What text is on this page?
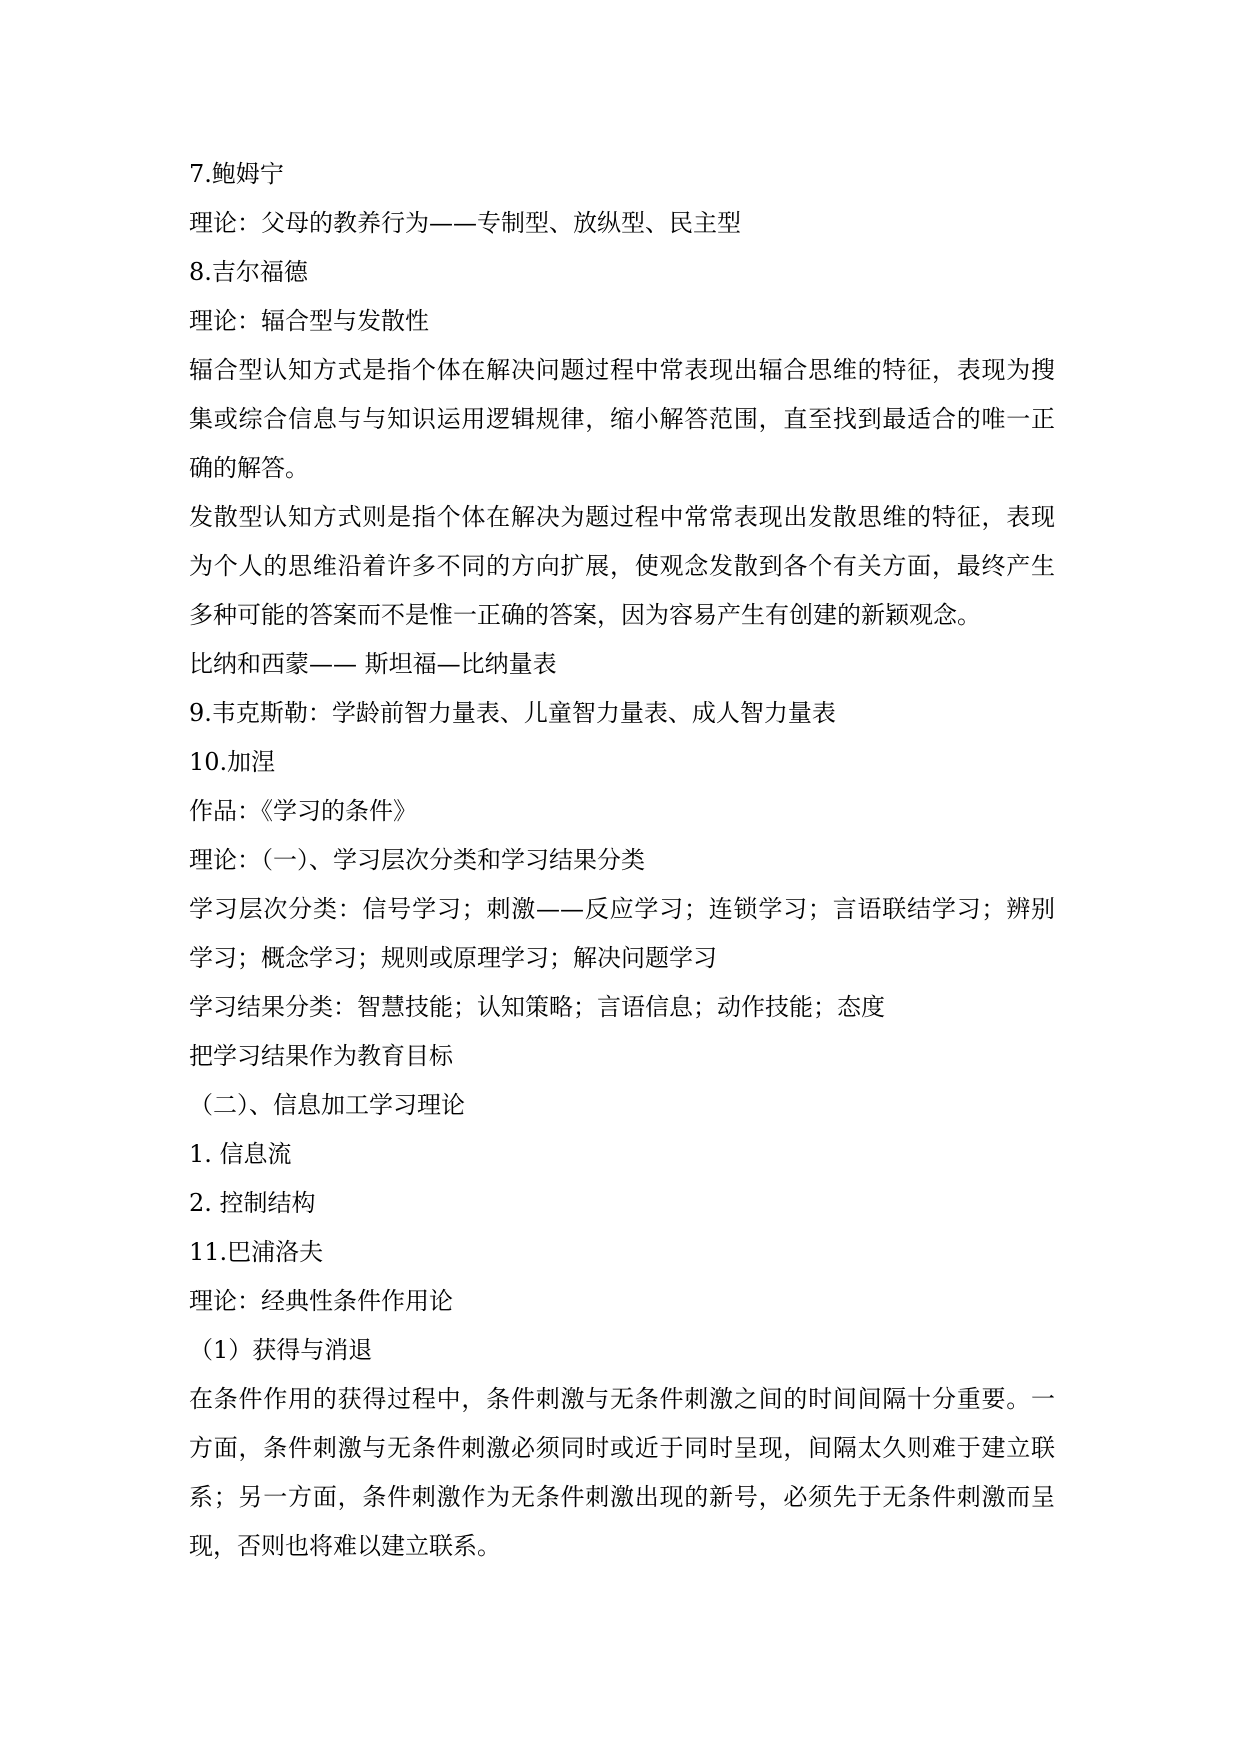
7.鲍姆宁
理论：父母的教养行为——专制型、放纵型、民主型
8.吉尔福德
理论：辐合型与发散性
辐合型认知方式是指个体在解决问题过程中常表现出辐合思维的特征，表现为搜
集或综合信息与与知识运用逻辑规律，缩小解答范围，直至找到最适合的唯一正
确的解答。
发散型认知方式则是指个体在解决为题过程中常常表现出发散思维的特征，表现
为个人的思维沿着许多不同的方向扩展，使观念发散到各个有关方面，最终产生
多种可能的答案而不是惟一正确的答案，因为容易产生有创建的新颖观念。
比纳和西蒙—— 斯坦福—比纳量表
9.韦克斯勒：学龄前智力量表、儿童智力量表、成人智力量表
10.加涅
作品：《学习的条件》
理论：（一）、学习层次分类和学习结果分类
学习层次分类：信号学习；刺激——反应学习；连锁学习；言语联结学习；辨别
学习；概念学习；规则或原理学习；解决问题学习
学习结果分类：智慧技能；认知策略；言语信息；动作技能；态度
把学习结果作为教育目标
（二）、信息加工学习理论
1. 信息流
2. 控制结构
11.巴浦洛夫
理论：经典性条件作用论
（1）获得与消退
在条件作用的获得过程中，条件刺激与无条件刺激之间的时间间隔十分重要。一
方面，条件刺激与无条件刺激必须同时或近于同时呈现，间隔太久则难于建立联
系；另一方面，条件刺激作为无条件刺激出现的新号，必须先于无条件刺激而呈
现，否则也将难以建立联系。
